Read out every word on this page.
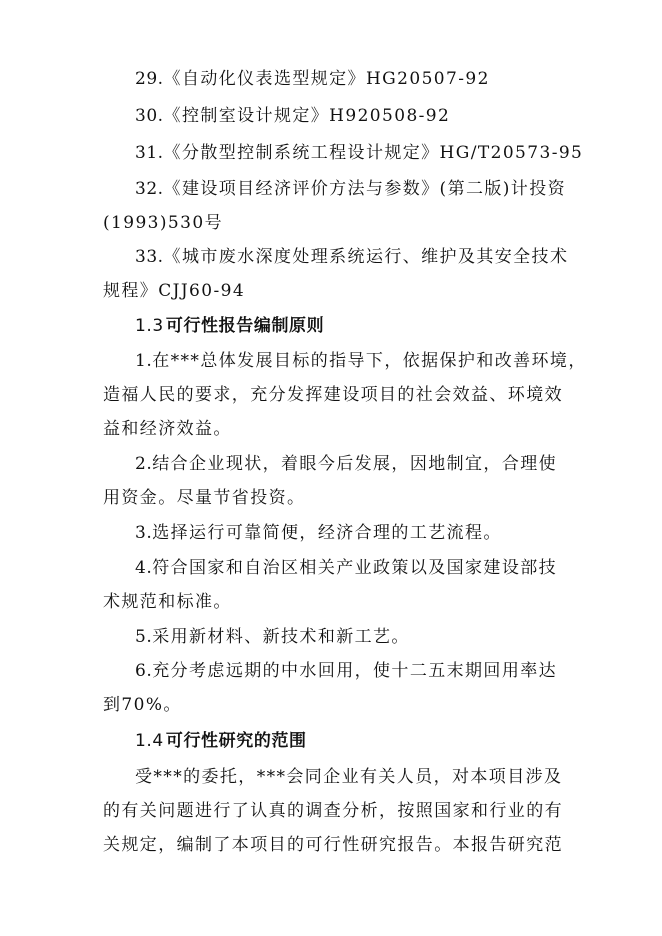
29.《自动化仪表选型规定》HG20507-92
30.《控制室设计规定》H920508-92
31.《分散型控制系统工程设计规定》HG/T20573-95
32.《建设项目经济评价方法与参数》(第二版)计投资
(1993)530号
33.《城市废水深度处理系统运行、维护及其安全技术
规程》CJJ60-94
1.3 可行性报告编制原则
1.在***总体发展目标的指导下，依据保护和改善环境，
造福人民的要求，充分发挥建设项目的社会效益、环境效
益和经济效益。
2.结合企业现状，着眼今后发展，因地制宜，合理使
用资金。尽量节省投资。
3.选择运行可靠简便，经济合理的工艺流程。
4.符合国家和自治区相关产业政策以及国家建设部技
术规范和标准。
5.采用新材料、新技术和新工艺。
6.充分考虑远期的中水回用，使十二五末期回用率达
到70%。
1.4 可行性研究的范围
受***的委托，***会同企业有关人员，对本项目涉及
的有关问题进行了认真的调查分析，按照国家和行业的有
关规定，编制了本项目的可行性研究报告。本报告研究范
